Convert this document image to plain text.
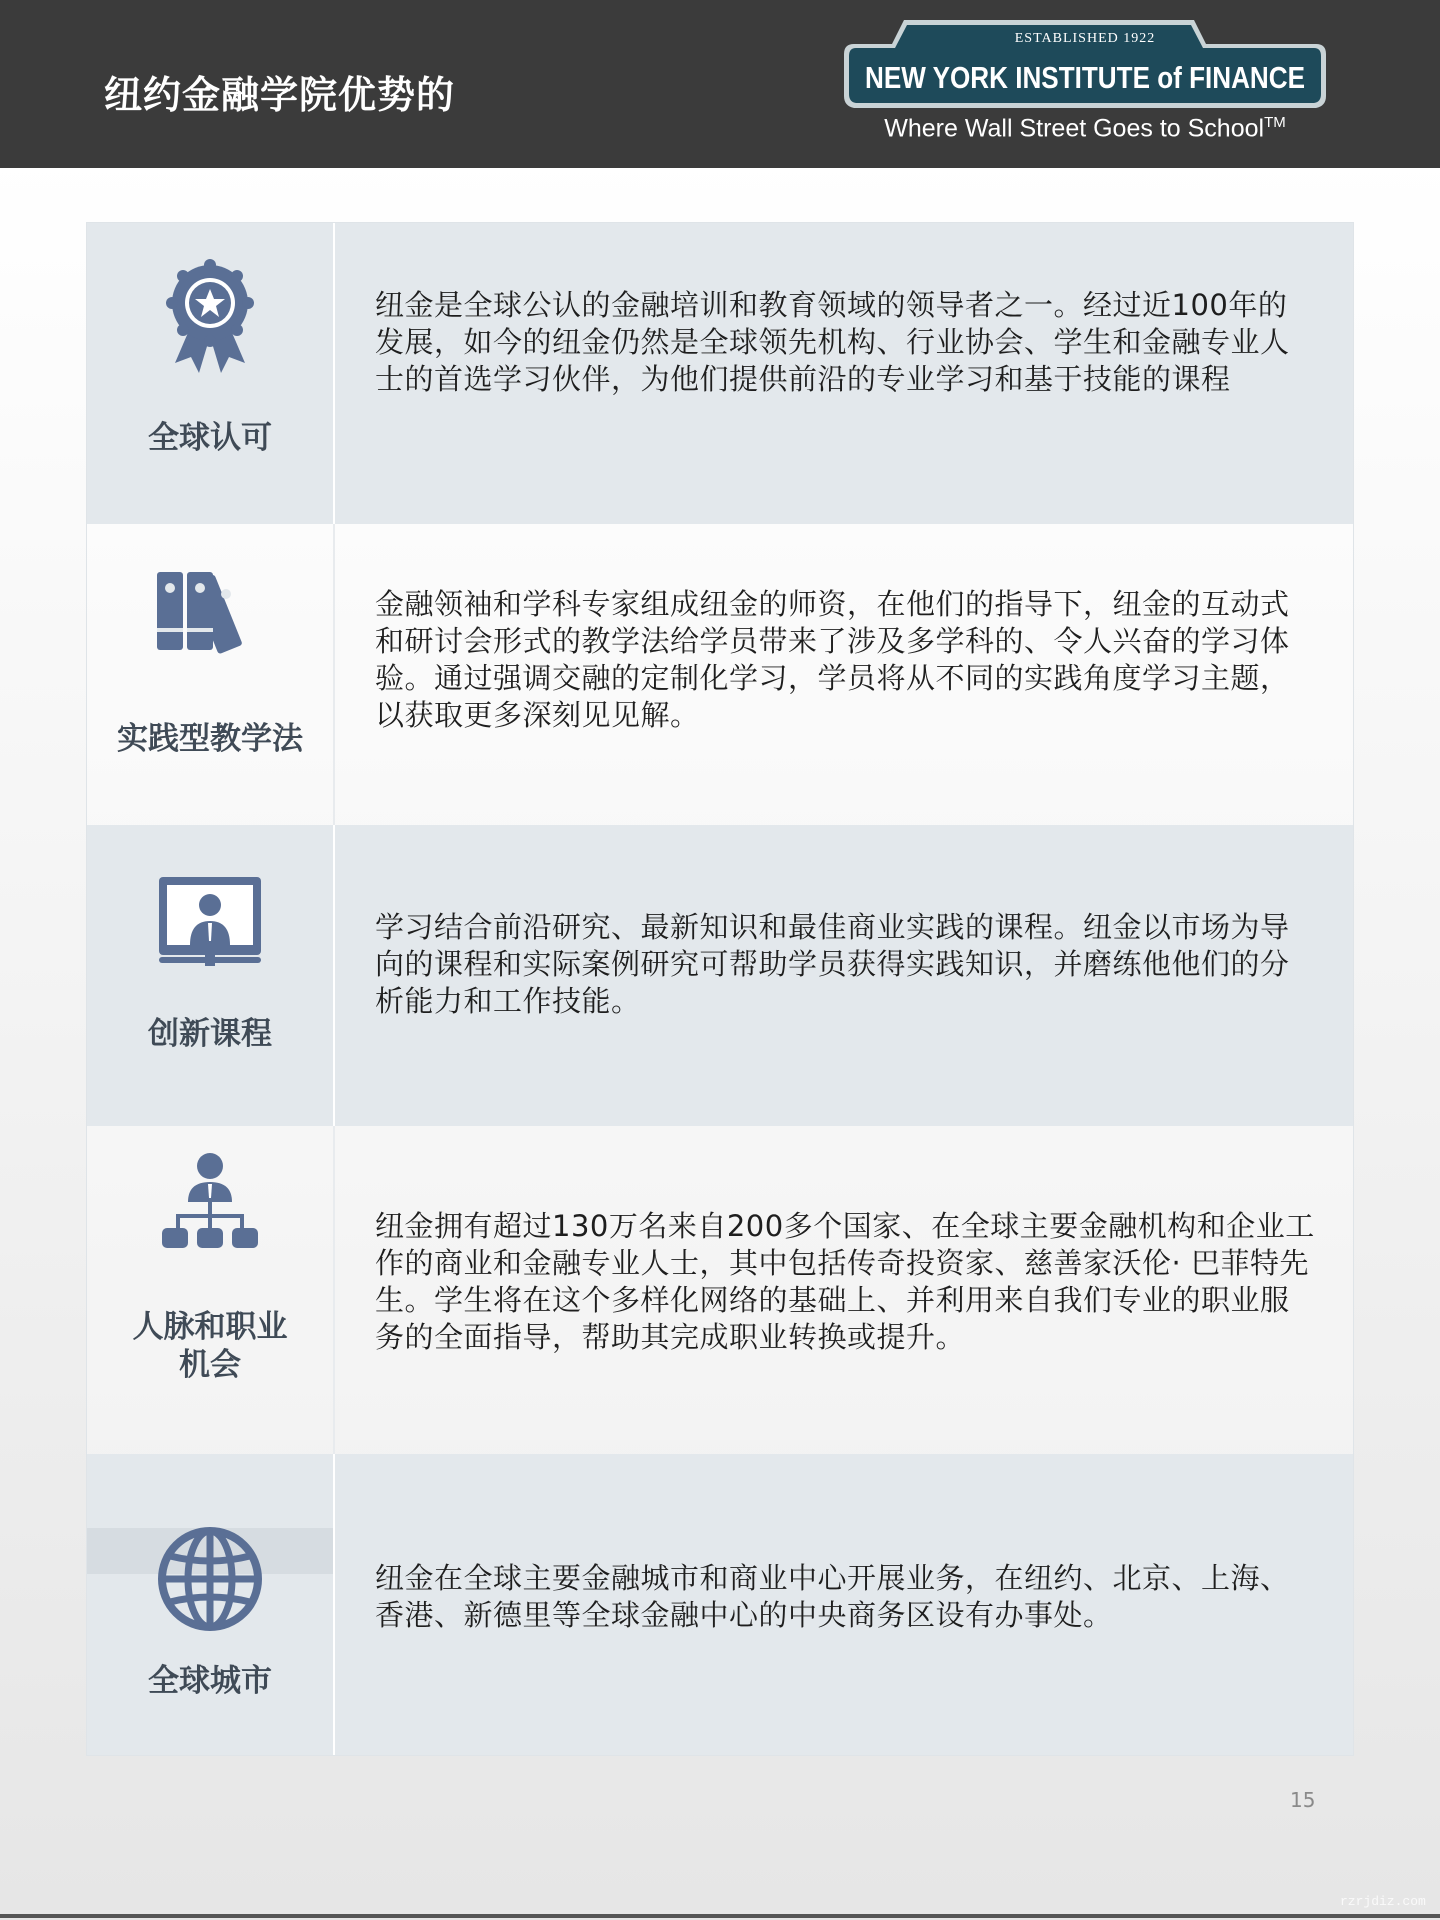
纽约金融学院优势的
ESTABLISHED 1922
NEW YORK INSTITUTE of FINANCE
Where Wall Street Goes to School™
全球认可
纽金是全球公认的金融培训和教育领域的领导者之一。经过近100年的发展，如今的纽金仍然是全球领先机构、行业协会、学生和金融专业人士的首选学习伙伴，为他们提供前沿的专业学习和基于技能的课程
实践型教学法
金融领袖和学科专家组成纽金的师资，在他们的指导下，纽金的互动式和研讨会形式的教学法给学员带来了涉及多学科的、令人兴奋的学习体验。通过强调交融的定制化学习，学员将从不同的实践角度学习主题，以获取更多深刻见见解。
创新课程
学习结合前沿研究、最新知识和最佳商业实践的课程。纽金以市场为导向的课程和实际案例研究可帮助学员获得实践知识，并磨练他他们的分析能力和工作技能。
人脉和职业
机会
纽金拥有超过130万名来自200多个国家、在全球主要金融机构和企业工作的商业和金融专业人士，其中包括传奇投资家、慈善家沃伦· 巴菲特先生。学生将在这个多样化网络的基础上、并利用来自我们专业的职业服务的全面指导，帮助其完成职业转换或提升。
全球城市
纽金在全球主要金融城市和商业中心开展业务，在纽约、北京、上海、香港、新德里等全球金融中心的中央商务区设有办事处。
15
rzrjdiz.com
